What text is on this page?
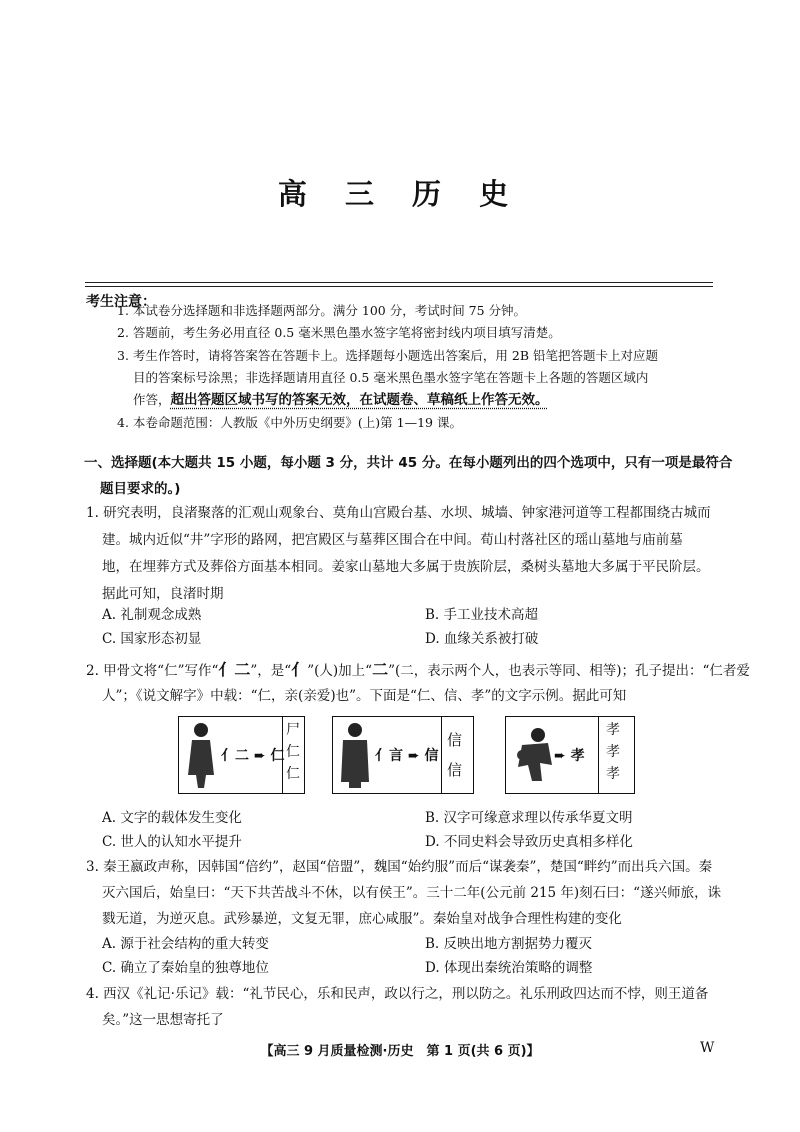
高 三 历 史
考生注意：
1. 本试卷分选择题和非选择题两部分。满分 100 分，考试时间 75 分钟。
2. 答题前，考生务必用直径 0.5 毫米黑色墨水签字笔将密封线内项目填写清楚。
3. 考生作答时，请将答案答在答题卡上。选择题每小题选出答案后，用 2B 铅笔把答题卡上对应题
目的答案标号涂黑；非选择题请用直径 0.5 毫米黑色墨水签字笔在答题卡上各题的答题区域内
作答，超出答题区域书写的答案无效，在试题卷、草稿纸上作答无效。
4. 本卷命题范围：人教版《中外历史纲要》(上)第 1—19 课。
一、选择题(本大题共 15 小题，每小题 3 分，共计 45 分。在每小题列出的四个选项中，只有一项是最符合
题目要求的。)
1. 研究表明，良渚聚落的汇观山观象台、莫角山宫殿台基、水坝、城墙、钟家港河道等工程都围绕古城而
建。城内近似“井”字形的路网，把宫殿区与墓葬区围合在中间。荀山村落社区的瑶山墓地与庙前墓
地，在埋葬方式及葬俗方面基本相同。姜家山墓地大多属于贵族阶层，桑树头墓地大多属于平民阶层。
据此可知，良渚时期
A. 礼制观念成熟	B. 手工业技术高超
C. 国家形态初显	D. 血缘关系被打破
2. 甲骨文将“仁”写作“⺅二”，是“⺅”(人)加上“二”(二，表示两个人，也表示等同、相等)；孔子提出：“仁者爱
人”；《说文解字》中载：“仁，亲(亲爱)也”。下面是“仁、信、孝”的文字示例。据此可知
⺅二 ➨ 仁
尸
仁
仁
⺅言 ➨ 信
信
信
➨ 孝
孝
孝
孝
A. 文字的载体发生变化	B. 汉字可缘意求理以传承华夏文明
C. 世人的认知水平提升	D. 不同史料会导致历史真相多样化
3. 秦王嬴政声称，因韩国“倍约”，赵国“倍盟”，魏国“始约服”而后“谋袭秦”，楚国“畔约”而出兵六国。秦
灭六国后，始皇曰：“天下共苦战斗不休，以有侯王”。三十二年(公元前 215 年)刻石曰：“遂兴师旅，诛
戮无道，为逆灭息。武殄暴逆，文复无罪，庶心咸服”。秦始皇对战争合理性构建的变化
A. 源于社会结构的重大转变	B. 反映出地方割据势力覆灭
C. 确立了秦始皇的独尊地位	D. 体现出秦统治策略的调整
4. 西汉《礼记·乐记》载：“礼节民心，乐和民声，政以行之，刑以防之。礼乐刑政四达而不悖，则王道备
矣。”这一思想寄托了
【高三 9 月质量检测·历史　第 1 页(共 6 页)】	W
